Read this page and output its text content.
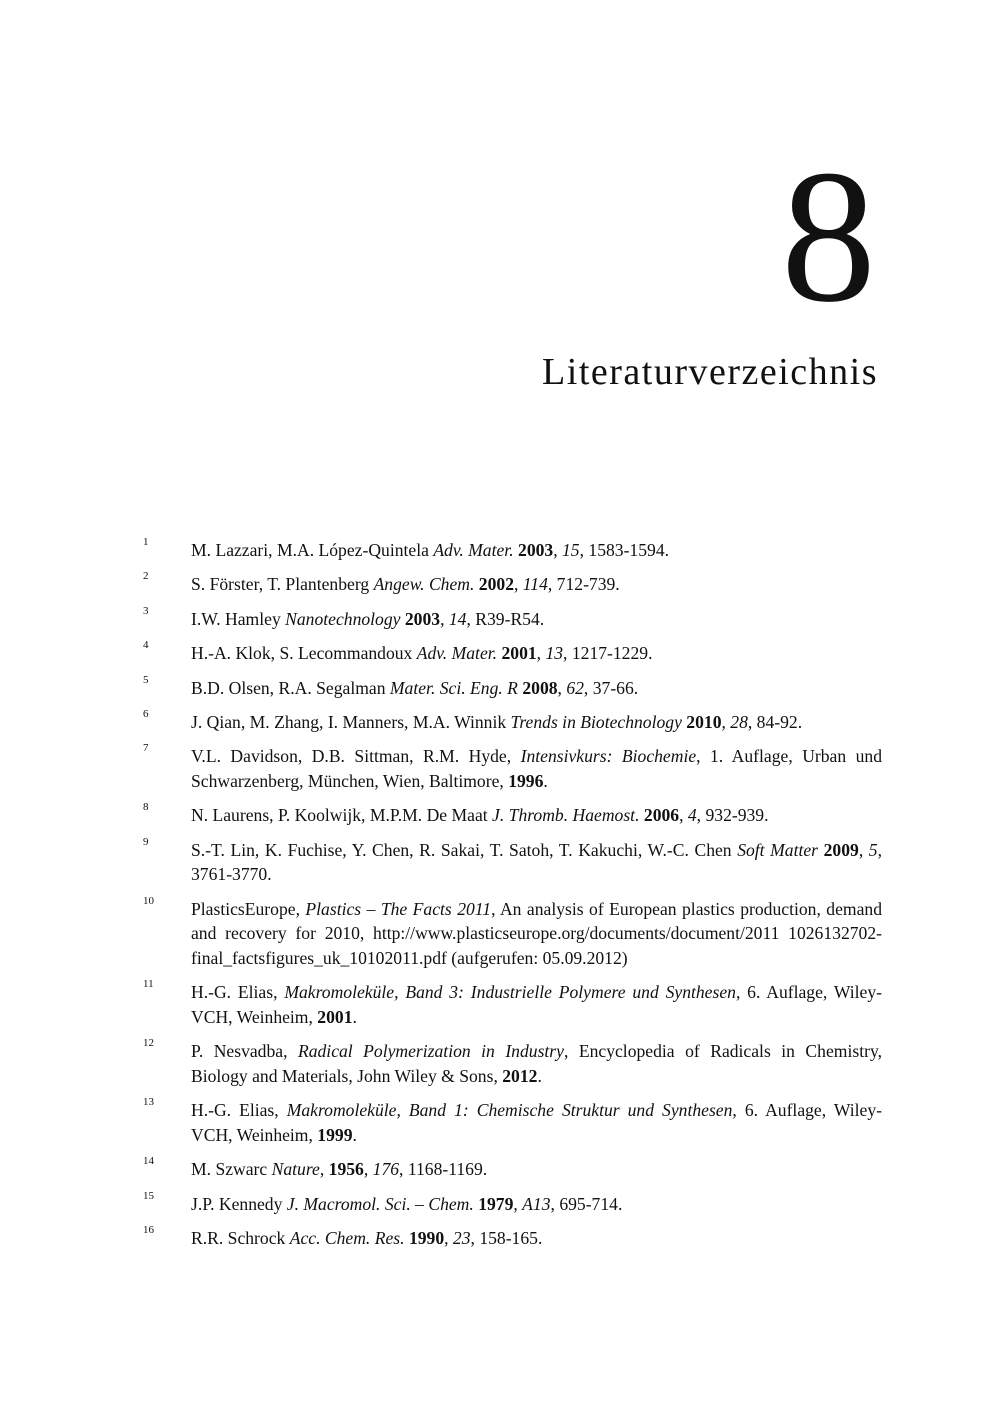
8
Literaturverzeichnis
1 M. Lazzari, M.A. López-Quintela Adv. Mater. 2003, 15, 1583-1594.
2 S. Förster, T. Plantenberg Angew. Chem. 2002, 114, 712-739.
3 I.W. Hamley Nanotechnology 2003, 14, R39-R54.
4 H.-A. Klok, S. Lecommandoux Adv. Mater. 2001, 13, 1217-1229.
5 B.D. Olsen, R.A. Segalman Mater. Sci. Eng. R 2008, 62, 37-66.
6 J. Qian, M. Zhang, I. Manners, M.A. Winnik Trends in Biotechnology 2010, 28, 84-92.
7 V.L. Davidson, D.B. Sittman, R.M. Hyde, Intensivkurs: Biochemie, 1. Auflage, Urban und Schwarzenberg, München, Wien, Baltimore, 1996.
8 N. Laurens, P. Koolwijk, M.P.M. De Maat J. Thromb. Haemost. 2006, 4, 932-939.
9 S.-T. Lin, K. Fuchise, Y. Chen, R. Sakai, T. Satoh, T. Kakuchi, W.-C. Chen Soft Matter 2009, 5, 3761-3770.
10 PlasticsEurope, Plastics – The Facts 2011, An analysis of European plastics production, demand and recovery for 2010, http://www.plasticseurope.org/documents/document/2011 1026132702-final_factsfigures_uk_10102011.pdf (aufgerufen: 05.09.2012)
11 H.-G. Elias, Makromoleküle, Band 3: Industrielle Polymere und Synthesen, 6. Auflage, Wiley-VCH, Weinheim, 2001.
12 P. Nesvadba, Radical Polymerization in Industry, Encyclopedia of Radicals in Chemistry, Biology and Materials, John Wiley & Sons, 2012.
13 H.-G. Elias, Makromoleküle, Band 1: Chemische Struktur und Synthesen, 6. Auflage, Wiley-VCH, Weinheim, 1999.
14 M. Szwarc Nature, 1956, 176, 1168-1169.
15 J.P. Kennedy J. Macromol. Sci. – Chem. 1979, A13, 695-714.
16 R.R. Schrock Acc. Chem. Res. 1990, 23, 158-165.
